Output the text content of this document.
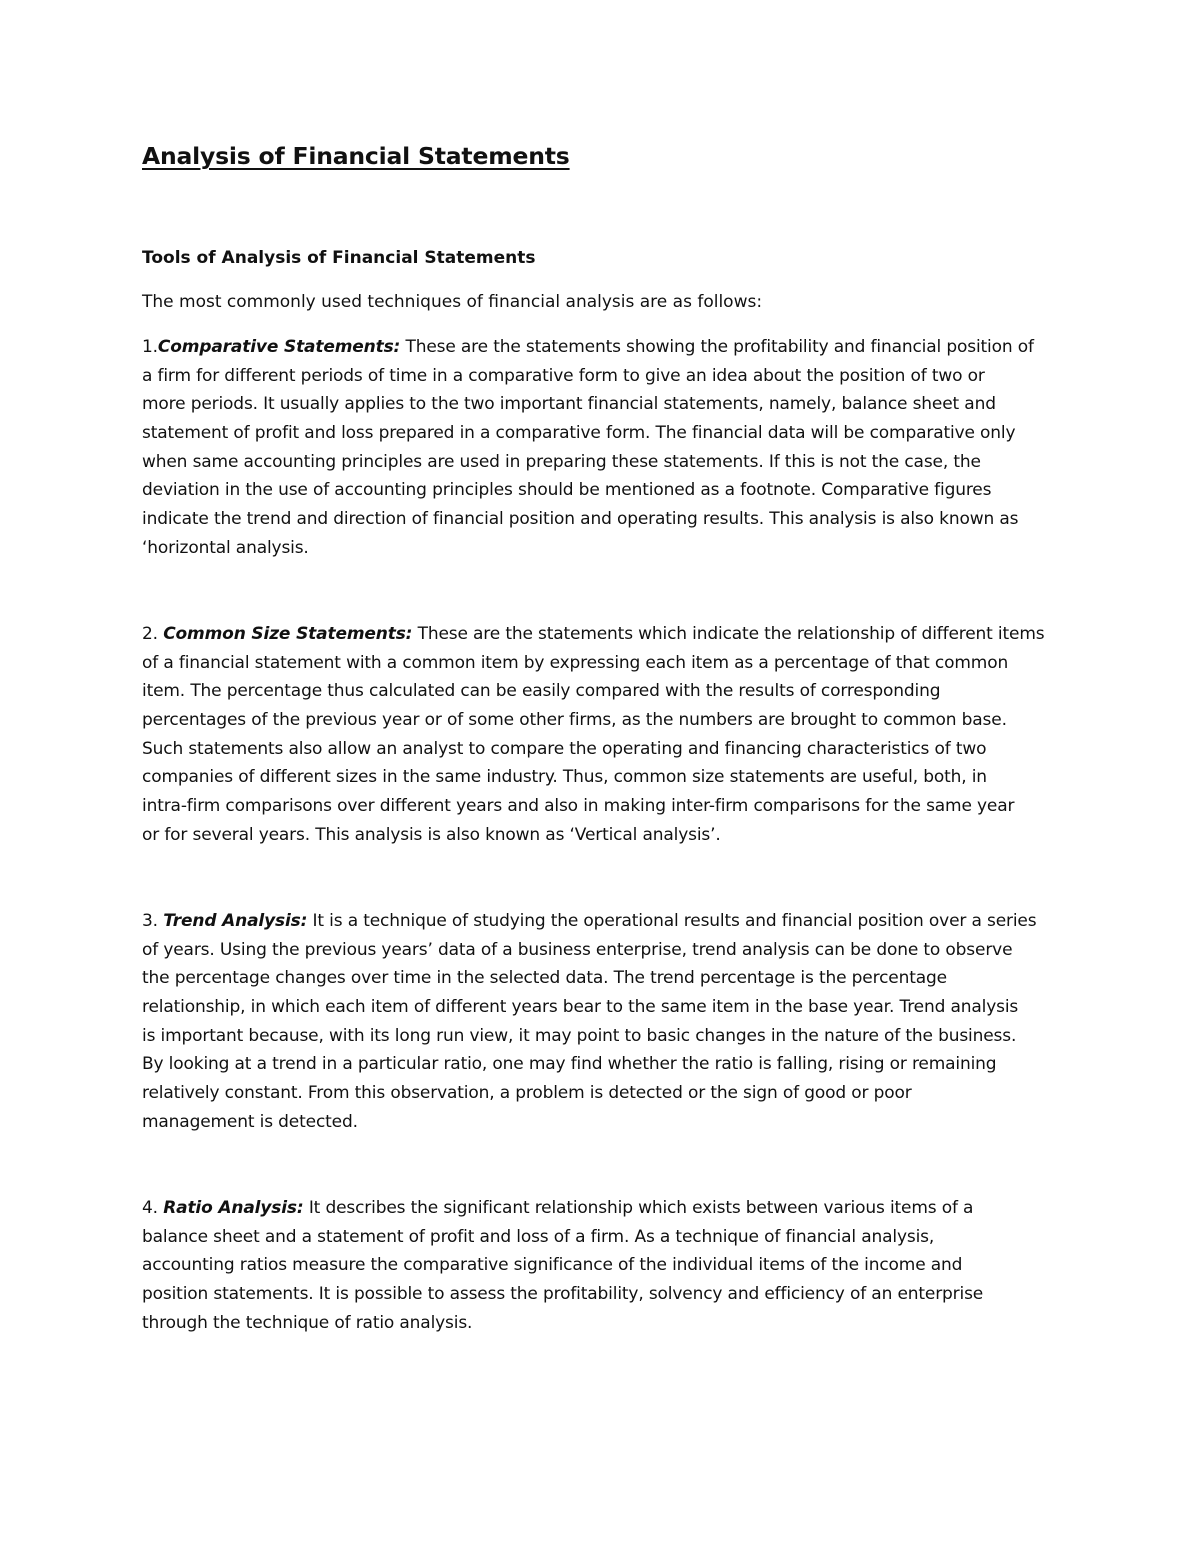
Analysis of Financial Statements
Tools of Analysis of Financial Statements

The most commonly used techniques of financial analysis are as follows:

1.Comparative Statements: These are the statements showing the profitability and financial position of
a firm for different periods of time in a comparative form to give an idea about the position of two or
more periods. It usually applies to the two important financial statements, namely, balance sheet and
statement of profit and loss prepared in a comparative form. The financial data will be comparative only
when same accounting principles are used in preparing these statements. If this is not the case, the
deviation in the use of accounting principles should be mentioned as a footnote. Comparative figures
indicate the trend and direction of financial position and operating results. This analysis is also known as
‘horizontal analysis.
2. Common Size Statements: These are the statements which indicate the relationship of different items
of a financial statement with a common item by expressing each item as a percentage of that common
item. The percentage thus calculated can be easily compared with the results of corresponding
percentages of the previous year or of some other firms, as the numbers are brought to common base.
Such statements also allow an analyst to compare the operating and financing characteristics of two
companies of different sizes in the same industry. Thus, common size statements are useful, both, in
intra-firm comparisons over different years and also in making inter-firm comparisons for the same year
or for several years. This analysis is also known as ‘Vertical analysis’.
3. Trend Analysis: It is a technique of studying the operational results and financial position over a series
of years. Using the previous years’ data of a business enterprise, trend analysis can be done to observe
the percentage changes over time in the selected data. The trend percentage is the percentage
relationship, in which each item of different years bear to the same item in the base year. Trend analysis
is important because, with its long run view, it may point to basic changes in the nature of the business.
By looking at a trend in a particular ratio, one may find whether the ratio is falling, rising or remaining
relatively constant. From this observation, a problem is detected or the sign of good or poor
management is detected.
4. Ratio Analysis: It describes the significant relationship which exists between various items of a
balance sheet and a statement of profit and loss of a firm. As a technique of financial analysis,
accounting ratios measure the comparative significance of the individual items of the income and
position statements. It is possible to assess the profitability, solvency and efficiency of an enterprise
through the technique of ratio analysis.
